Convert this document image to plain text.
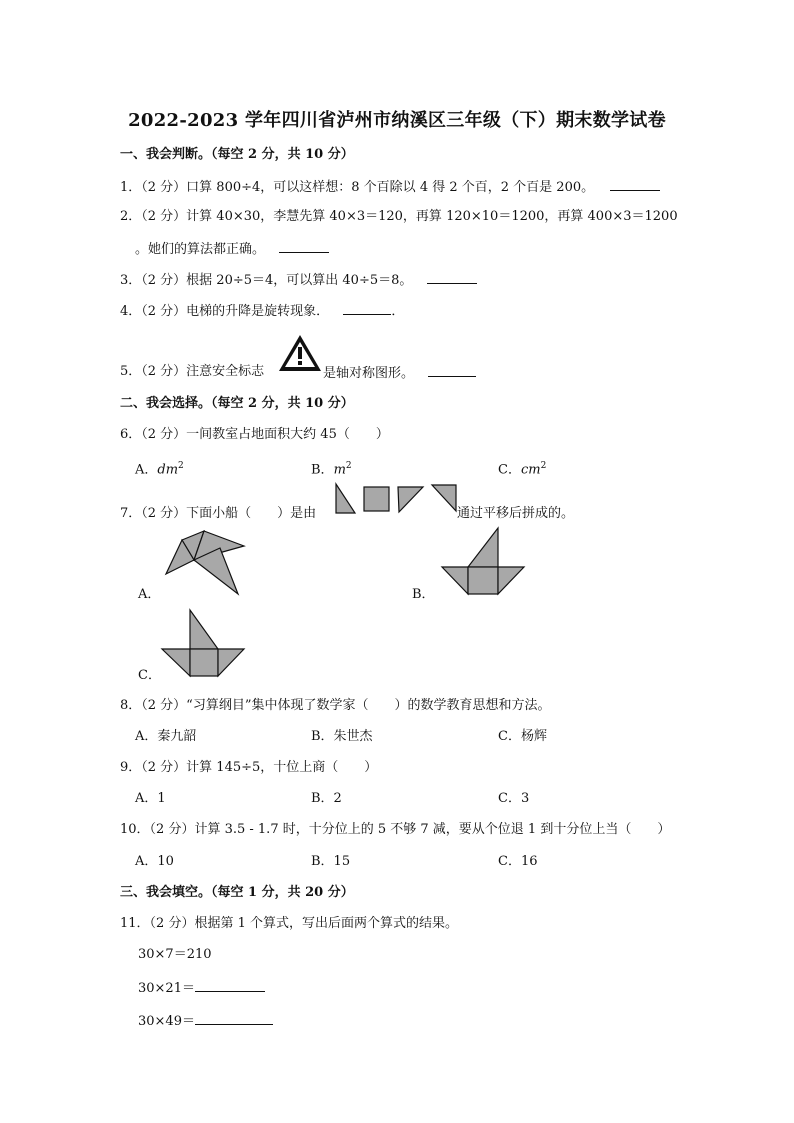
2022-2023 学年四川省泸州市纳溪区三年级（下）期末数学试卷
一、我会判断。（每空 2 分，共 10 分）
1．（2 分）口算 800÷4，可以这样想：8 个百除以 4 得 2 个百，2 个百是 200。
2．（2 分）计算 40×30，李慧先算 40×3＝120，再算 120×10＝1200，再算 400×3＝1200
。她们的算法都正确。
3．（2 分）根据 20÷5＝4，可以算出 40÷5＝8。
4．（2 分）电梯的升降是旋转现象．	．
5．（2 分）注意安全标志	是轴对称图形。
二、我会选择。（每空 2 分，共 10 分）
6．（2 分）一间教室占地面积大约 45（　　）
A．$dm^2$	B．$m^2$	C．$cm^2$
7．（2 分）下面小船（　　）是由	通过平移后拼成的。
A．	B．
C．
8．（2 分）“习算纲目”集中体现了数学家（　　）的数学教育思想和方法。
A．秦九韶	B．朱世杰	C．杨辉
9．（2 分）计算 145÷5，十位上商（　　）
A．1	B．2	C．3
10．（2 分）计算 3.5 - 1.7 时，十分位上的 5 不够 7 减，要从个位退 1 到十分位上当（　　）
A．10	B．15	C．16
三、我会填空。（每空 1 分，共 20 分）
11．（2 分）根据第 1 个算式，写出后面两个算式的结果。
30×7＝210
30×21＝
30×49＝
